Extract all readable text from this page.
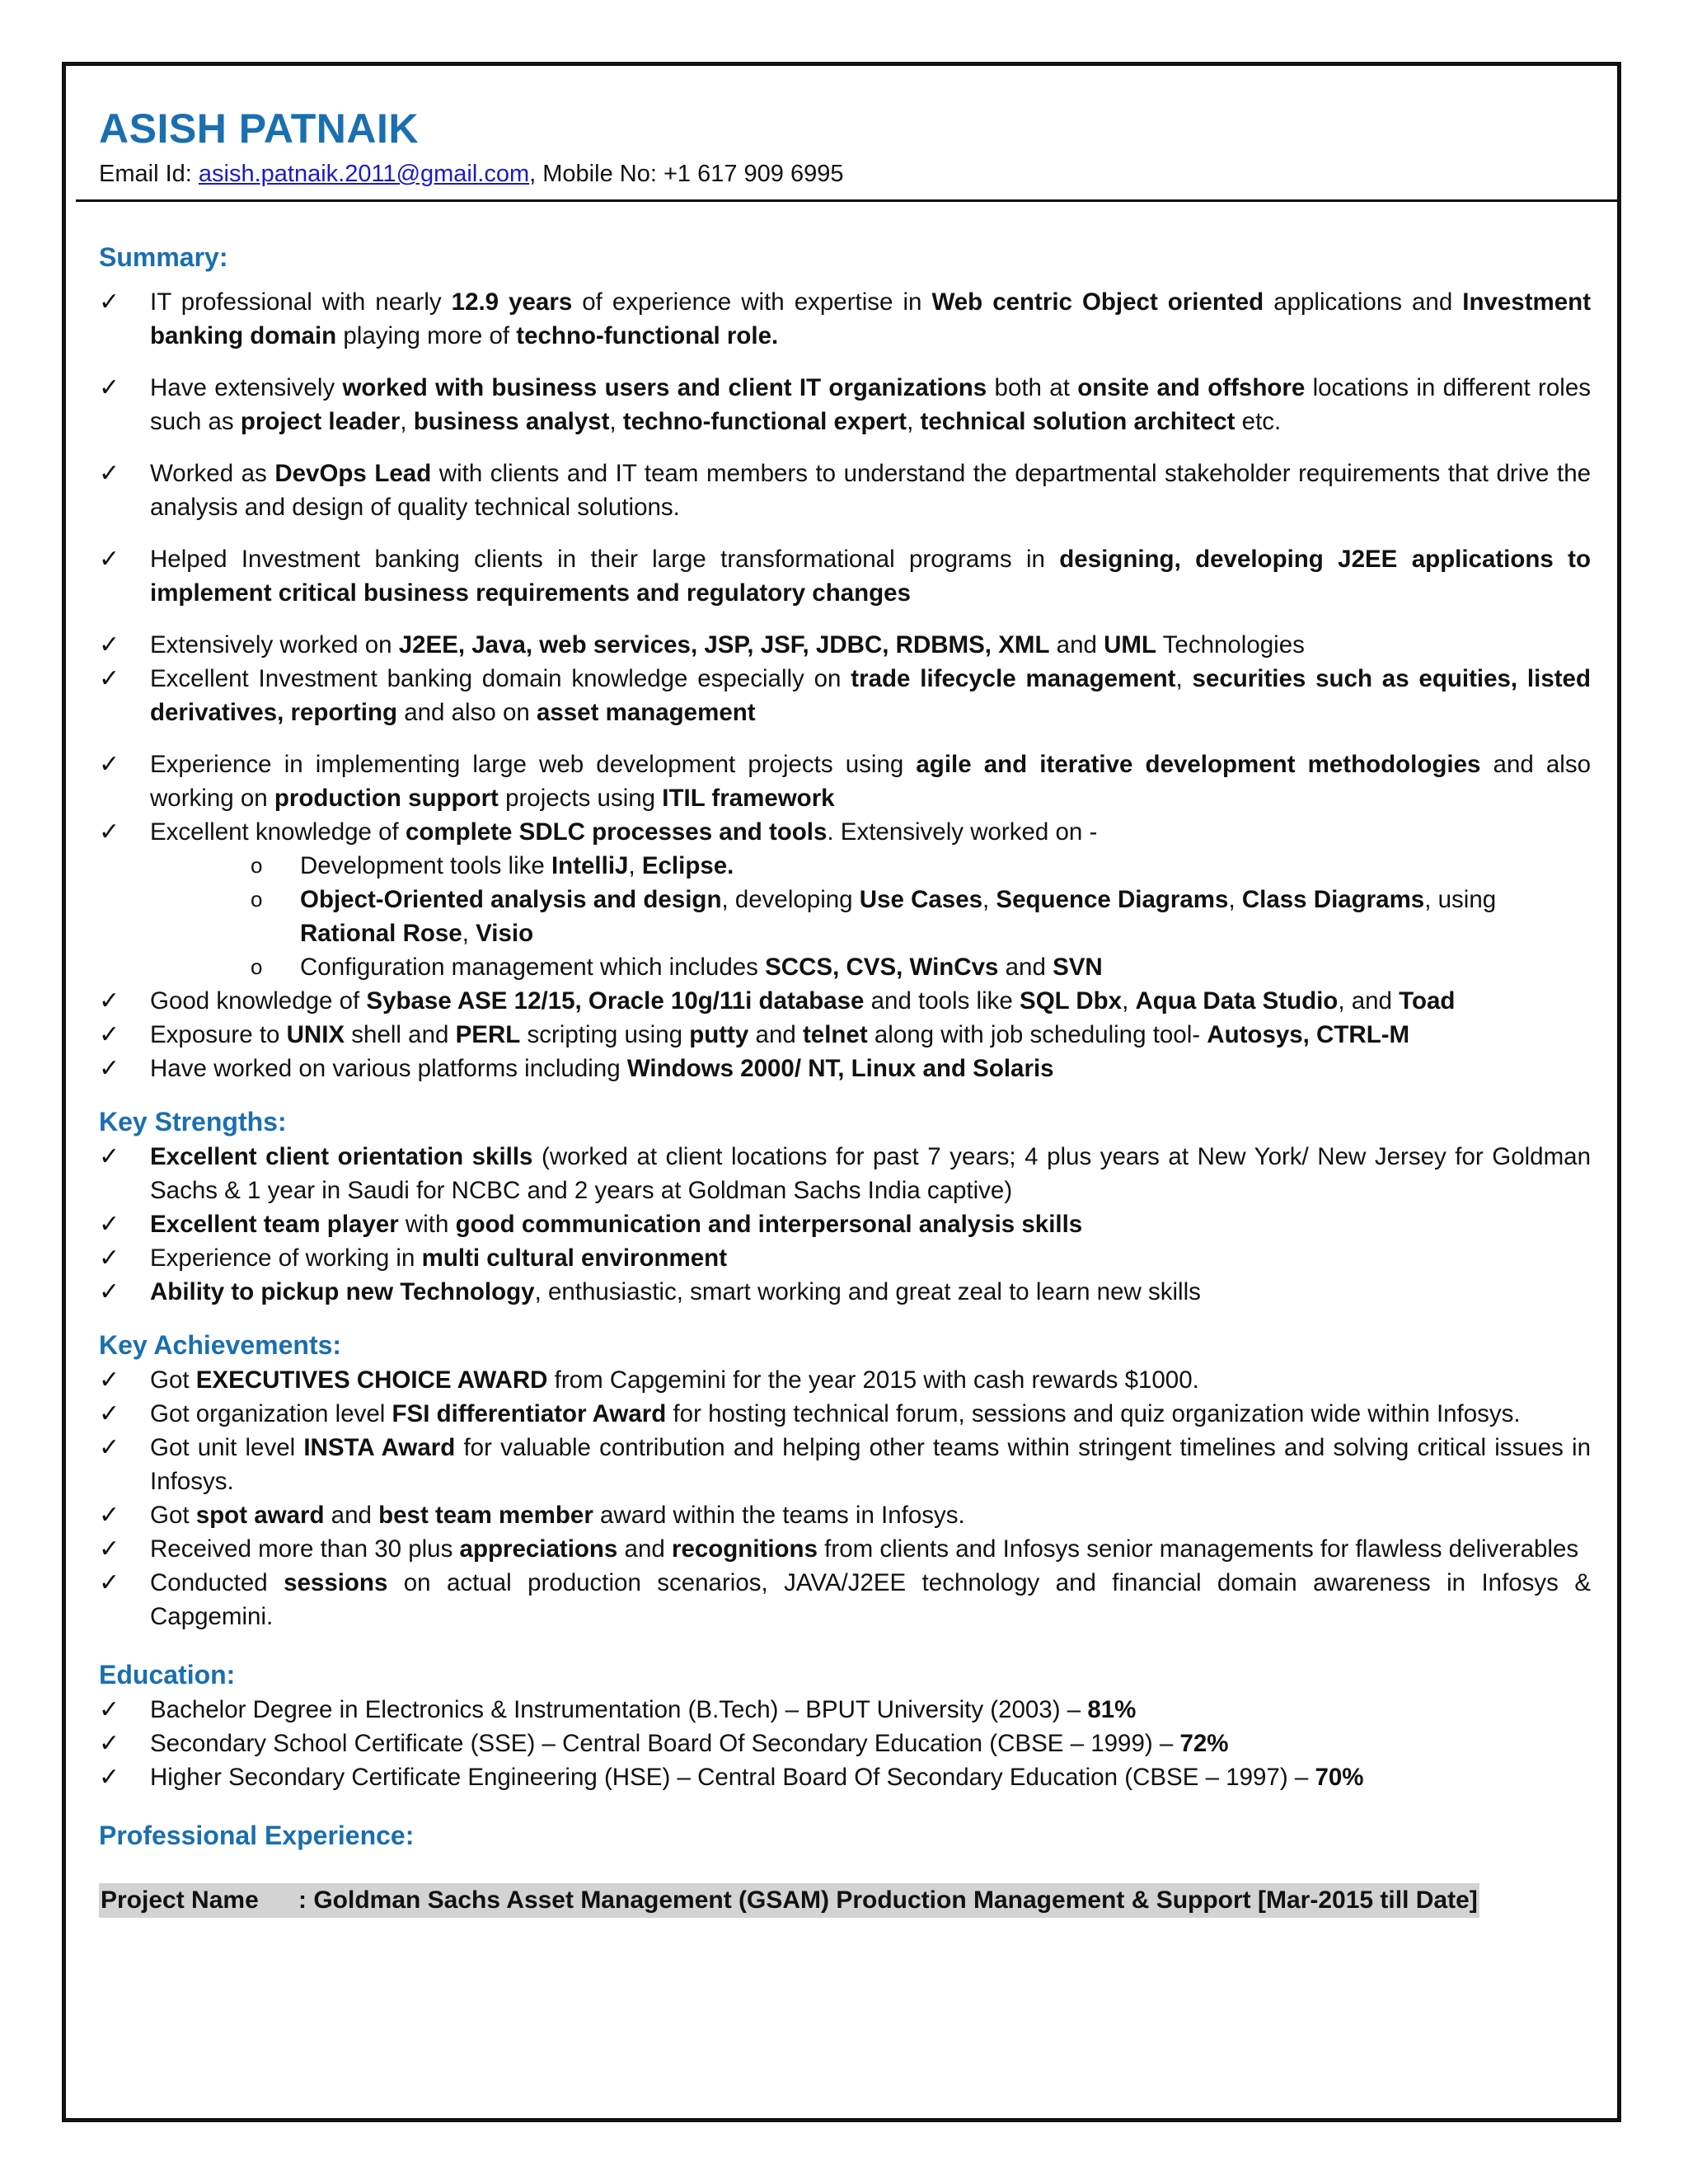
ASISH PATNAIK
Email Id: asish.patnaik.2011@gmail.com, Mobile No: +1 617 909 6995
Summary:
✓ IT professional with nearly 12.9 years of experience with expertise in Web centric Object oriented applications and Investment banking domain playing more of techno-functional role.
✓ Have extensively worked with business users and client IT organizations both at onsite and offshore locations in different roles such as project leader, business analyst, techno-functional expert, technical solution architect etc.
✓ Worked as DevOps Lead with clients and IT team members to understand the departmental stakeholder requirements that drive the analysis and design of quality technical solutions.
✓ Helped Investment banking clients in their large transformational programs in designing, developing J2EE applications to implement critical business requirements and regulatory changes
✓ Extensively worked on J2EE, Java, web services, JSP, JSF, JDBC, RDBMS, XML and UML Technologies
✓ Excellent Investment banking domain knowledge especially on trade lifecycle management, securities such as equities, listed derivatives, reporting and also on asset management
✓ Experience in implementing large web development projects using agile and iterative development methodologies and also working on production support projects using ITIL framework
✓ Excellent knowledge of complete SDLC processes and tools. Extensively worked on -
o Development tools like IntelliJ, Eclipse.
o Object-Oriented analysis and design, developing Use Cases, Sequence Diagrams, Class Diagrams, using Rational Rose, Visio
o Configuration management which includes SCCS, CVS, WinCvs and SVN
✓ Good knowledge of Sybase ASE 12/15, Oracle 10g/11i database and tools like SQL Dbx, Aqua Data Studio, and Toad
✓ Exposure to UNIX shell and PERL scripting using putty and telnet along with job scheduling tool- Autosys, CTRL-M
✓ Have worked on various platforms including Windows 2000/ NT, Linux and Solaris
Key Strengths:
✓ Excellent client orientation skills (worked at client locations for past 7 years; 4 plus years at New York/ New Jersey for Goldman Sachs & 1 year in Saudi for NCBC and 2 years at Goldman Sachs India captive)
✓ Excellent team player with good communication and interpersonal analysis skills
✓ Experience of working in multi cultural environment
✓ Ability to pickup new Technology, enthusiastic, smart working and great zeal to learn new skills
Key Achievements:
✓ Got EXECUTIVES CHOICE AWARD from Capgemini for the year 2015 with cash rewards $1000.
✓ Got organization level FSI differentiator Award for hosting technical forum, sessions and quiz organization wide within Infosys.
✓ Got unit level INSTA Award for valuable contribution and helping other teams within stringent timelines and solving critical issues in Infosys.
✓ Got spot award and best team member award within the teams in Infosys.
✓ Received more than 30 plus appreciations and recognitions from clients and Infosys senior managements for flawless deliverables
✓ Conducted sessions on actual production scenarios, JAVA/J2EE technology and financial domain awareness in Infosys & Capgemini.
Education:
✓ Bachelor Degree in Electronics & Instrumentation (B.Tech) – BPUT University (2003) – 81%
✓ Secondary School Certificate (SSE) – Central Board Of Secondary Education (CBSE – 1999) – 72%
✓ Higher Secondary Certificate Engineering (HSE) – Central Board Of Secondary Education (CBSE – 1997) – 70%
Professional Experience:
Project Name : Goldman Sachs Asset Management (GSAM) Production Management & Support [Mar-2015 till Date]
